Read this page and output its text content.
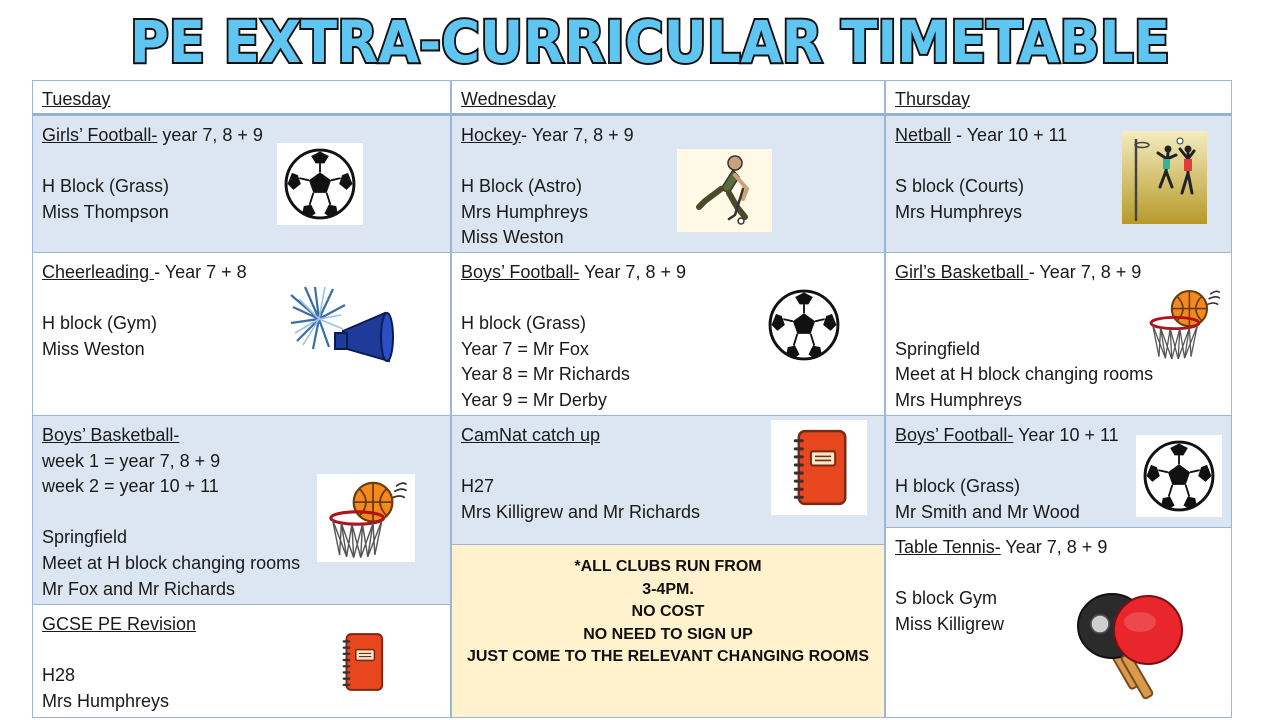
PE EXTRA-CURRICULAR TIMETABLE
Tuesday
Girls’ Football- year 7, 8 + 9
H Block (Grass)
Miss Thompson
Cheerleading - Year 7 + 8
H block (Gym)
Miss Weston
Boys’ Basketball-
week 1 = year 7, 8 + 9
week 2 = year 10 + 11
Springfield
Meet at H block changing rooms
Mr Fox and Mr Richards
GCSE PE Revision
H28
Mrs Humphreys
Wednesday
Hockey- Year 7, 8 + 9
H Block (Astro)
Mrs Humphreys
Miss Weston
Boys’ Football- Year 7, 8 + 9
H block (Grass)
Year 7 = Mr Fox
Year 8 = Mr Richards
Year 9 = Mr Derby
CamNat catch up
H27
Mrs Killigrew and Mr Richards
*ALL CLUBS RUN FROM
3-4PM.
NO COST
NO NEED TO SIGN UP
JUST COME TO THE RELEVANT CHANGING ROOMS
Thursday
Netball - Year 10 + 11
S block (Courts)
Mrs Humphreys
Girl’s Basketball - Year 7, 8 + 9
Springfield
Meet at H block changing rooms
Mrs Humphreys
Boys’ Football- Year 10 + 11
H block (Grass)
Mr Smith and Mr Wood
Table Tennis- Year 7, 8 + 9
S block Gym
Miss Killigrew
